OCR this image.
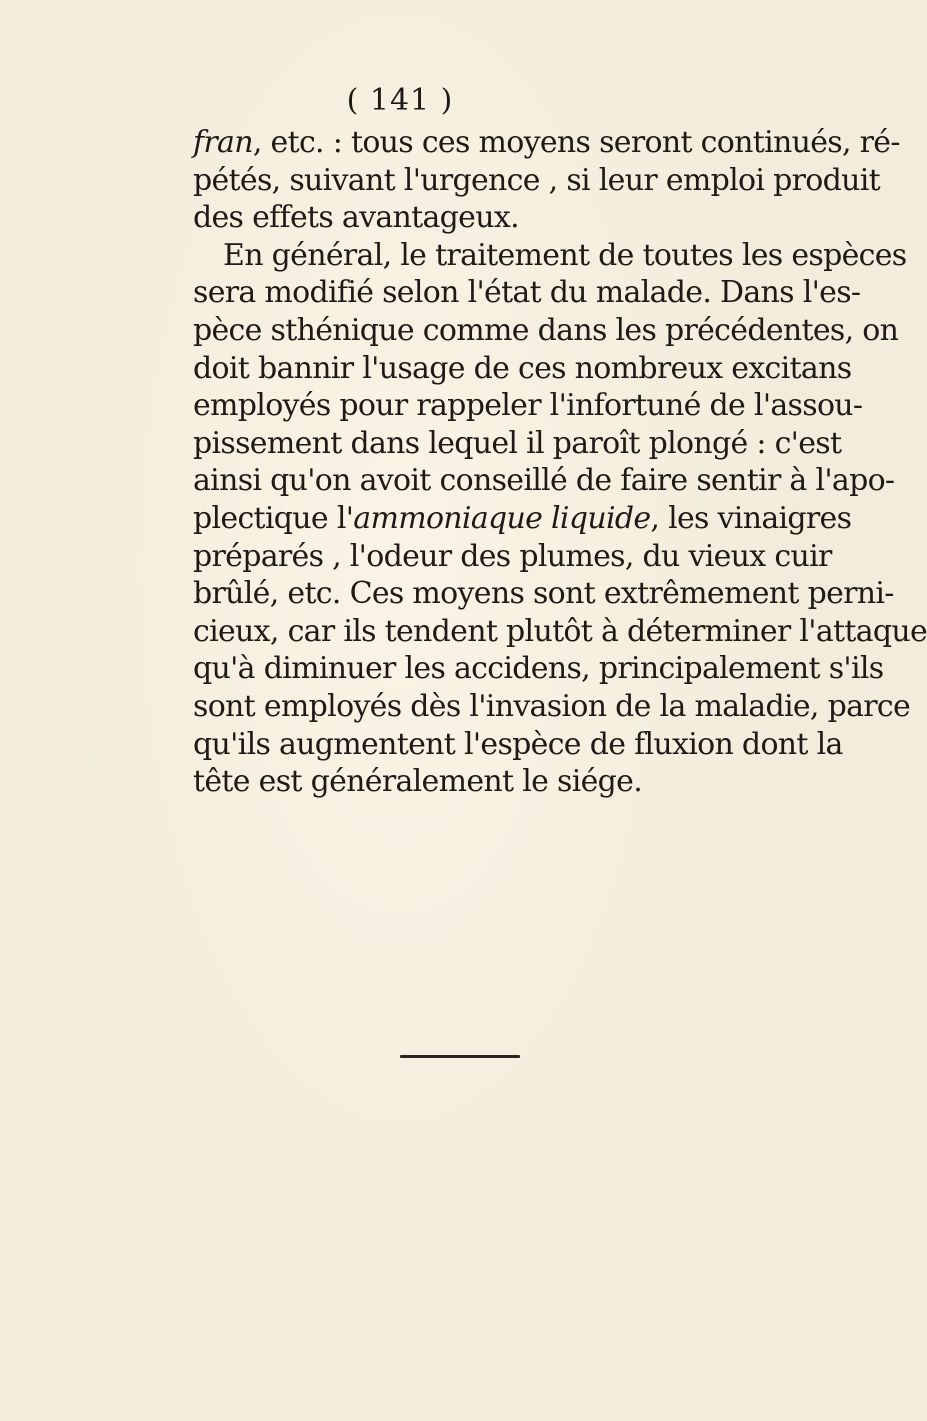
( 141 )
fran, etc. : tous ces moyens seront continués, ré-
pétés, suivant l'urgence , si leur emploi produit
des effets avantageux.
En général, le traitement de toutes les espèces
sera modifié selon l'état du malade. Dans l'es-
pèce sthénique comme dans les précédentes, on
doit bannir l'usage de ces nombreux excitans
employés pour rappeler l'infortuné de l'assou-
pissement dans lequel il paroît plongé : c'est
ainsi qu'on avoit conseillé de faire sentir à l'apo-
plectique l'ammoniaque liquide, les vinaigres
préparés , l'odeur des plumes, du vieux cuir
brûlé, etc. Ces moyens sont extrêmement perni-
cieux, car ils tendent plutôt à déterminer l'attaque
qu'à diminuer les accidens, principalement s'ils
sont employés dès l'invasion de la maladie, parce
qu'ils augmentent l'espèce de fluxion dont la
tête est généralement le siége.
